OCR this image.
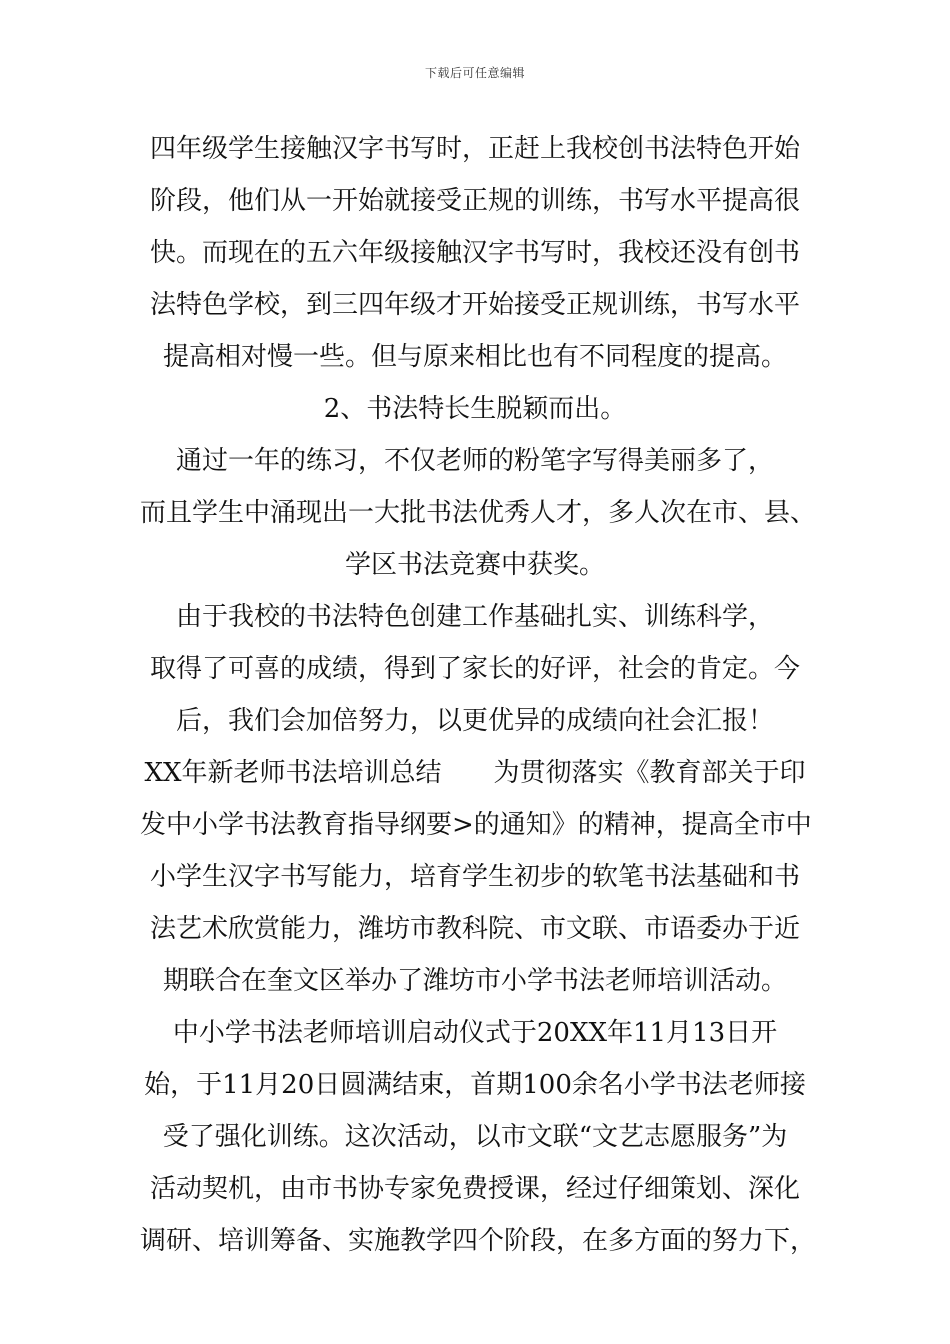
下载后可任意编辑
四年级学生接触汉字书写时，正赶上我校创书法特色开始
阶段，他们从一开始就接受正规的训练，书写水平提高很
快。而现在的五六年级接触汉字书写时，我校还没有创书
法特色学校，到三四年级才开始接受正规训练，书写水平
提高相对慢一些。但与原来相比也有不同程度的提高。
2、书法特长生脱颖而出。
通过一年的练习，不仅老师的粉笔字写得美丽多了，
而且学生中涌现出一大批书法优秀人才，多人次在市、县、
学区书法竞赛中获奖。
由于我校的书法特色创建工作基础扎实、训练科学，
取得了可喜的成绩，得到了家长的好评，社会的肯定。今
后，我们会加倍努力，以更优异的成绩向社会汇报！
XX年新老师书法培训总结　　为贯彻落实《教育部关于印
发中小学书法教育指导纲要>的通知》的精神，提高全市中
小学生汉字书写能力，培育学生初步的软笔书法基础和书
法艺术欣赏能力，潍坊市教科院、市文联、市语委办于近
期联合在奎文区举办了潍坊市小学书法老师培训活动。
中小学书法老师培训启动仪式于20XX年11月13日开
始，于11月20日圆满结束，首期100余名小学书法老师接
受了强化训练。这次活动，以市文联“文艺志愿服务”为
活动契机，由市书协专家免费授课，经过仔细策划、深化
调研、培训筹备、实施教学四个阶段，在多方面的努力下，
